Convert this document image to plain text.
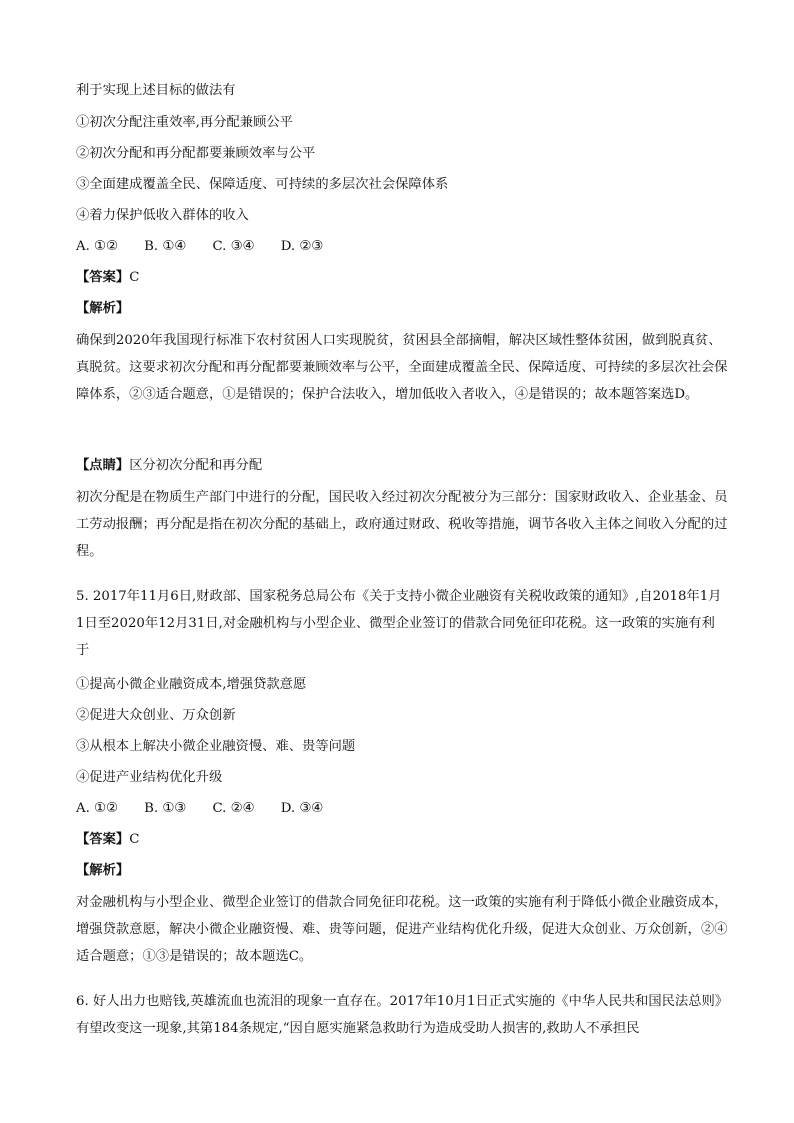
利于实现上述目标的做法有
①初次分配注重效率,再分配兼顾公平
②初次分配和再分配都要兼顾效率与公平
③全面建成覆盖全民、保障适度、可持续的多层次社会保障体系
④着力保护低收入群体的收入
A. ①② B. ①④ C. ③④ D. ②③
【答案】C
【解析】
确保到2020年我国现行标准下农村贫困人口实现脱贫，贫困县全部摘帽，解决区域性整体贫困，做到脱真贫、真脱贫。这要求初次分配和再分配都要兼顾效率与公平，全面建成覆盖全民、保障适度、可持续的多层次社会保障体系，②③适合题意，①是错误的；保护合法收入，增加低收入者收入，④是错误的；故本题答案选D。
【点睛】区分初次分配和再分配
初次分配是在物质生产部门中进行的分配，国民收入经过初次分配被分为三部分：国家财政收入、企业基金、员工劳动报酬；再分配是指在初次分配的基础上，政府通过财政、税收等措施，调节各收入主体之间收入分配的过程。
5. 2017年11月6日,财政部、国家税务总局公布《关于支持小微企业融资有关税收政策的通知》,自2018年1月1日至2020年12月31日,对金融机构与小型企业、微型企业签订的借款合同免征印花税。这一政策的实施有利于
①提高小微企业融资成本,增强贷款意愿
②促进大众创业、万众创新
③从根本上解决小微企业融资慢、难、贵等问题
④促进产业结构优化升级
A. ①② B. ①③ C. ②④ D. ③④
【答案】C
【解析】
对金融机构与小型企业、微型企业签订的借款合同免征印花税。这一政策的实施有利于降低小微企业融资成本，增强贷款意愿，解决小微企业融资慢、难、贵等问题，促进产业结构优化升级，促进大众创业、万众创新，②④适合题意；①③是错误的；故本题选C。
6. 好人出力也赔钱,英雄流血也流泪的现象一直存在。2017年10月1日正式实施的《中华人民共和国民法总则》有望改变这一现象,其第184条规定,“因自愿实施紧急救助行为造成受助人损害的,救助人不承担民
